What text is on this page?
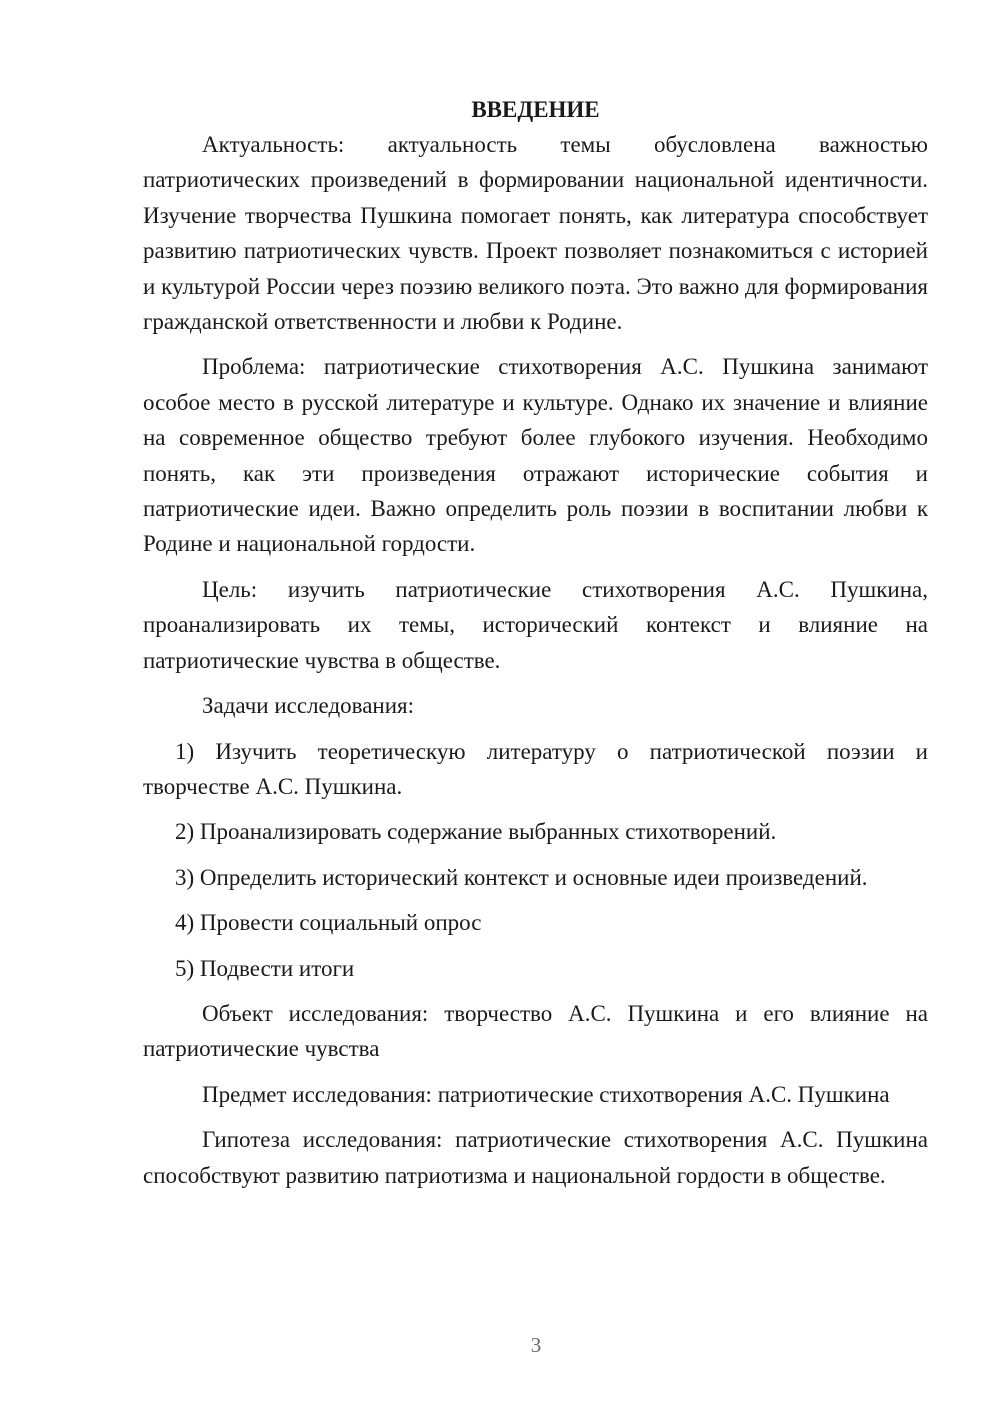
ВВЕДЕНИЕ

Актуальность: актуальность темы обусловлена важностью патриотических произведений в формировании национальной идентичности. Изучение творчества Пушкина помогает понять, как литература способствует развитию патриотических чувств. Проект позволяет познакомиться с историей и культурой России через поэзию великого поэта. Это важно для формирования гражданской ответственности и любви к Родине.

Проблема: патриотические стихотворения А.С. Пушкина занимают особое место в русской литературе и культуре. Однако их значение и влияние на современное общество требуют более глубокого изучения. Необходимо понять, как эти произведения отражают исторические события и патриотические идеи. Важно определить роль поэзии в воспитании любви к Родине и национальной гордости.

Цель: изучить патриотические стихотворения А.С. Пушкина, проанализировать их темы, исторический контекст и влияние на патриотические чувства в обществе.

Задачи исследования:

1) Изучить теоретическую литературу о патриотической поэзии и творчестве А.С. Пушкина.

2) Проанализировать содержание выбранных стихотворений.

3) Определить исторический контекст и основные идеи произведений.

4) Провести социальный опрос

5) Подвести итоги

Объект исследования: творчество А.С. Пушкина и его влияние на патриотические чувства

Предмет исследования: патриотические стихотворения А.С. Пушкина

Гипотеза исследования: патриотические стихотворения А.С. Пушкина способствуют развитию патриотизма и национальной гордости в обществе.

3
